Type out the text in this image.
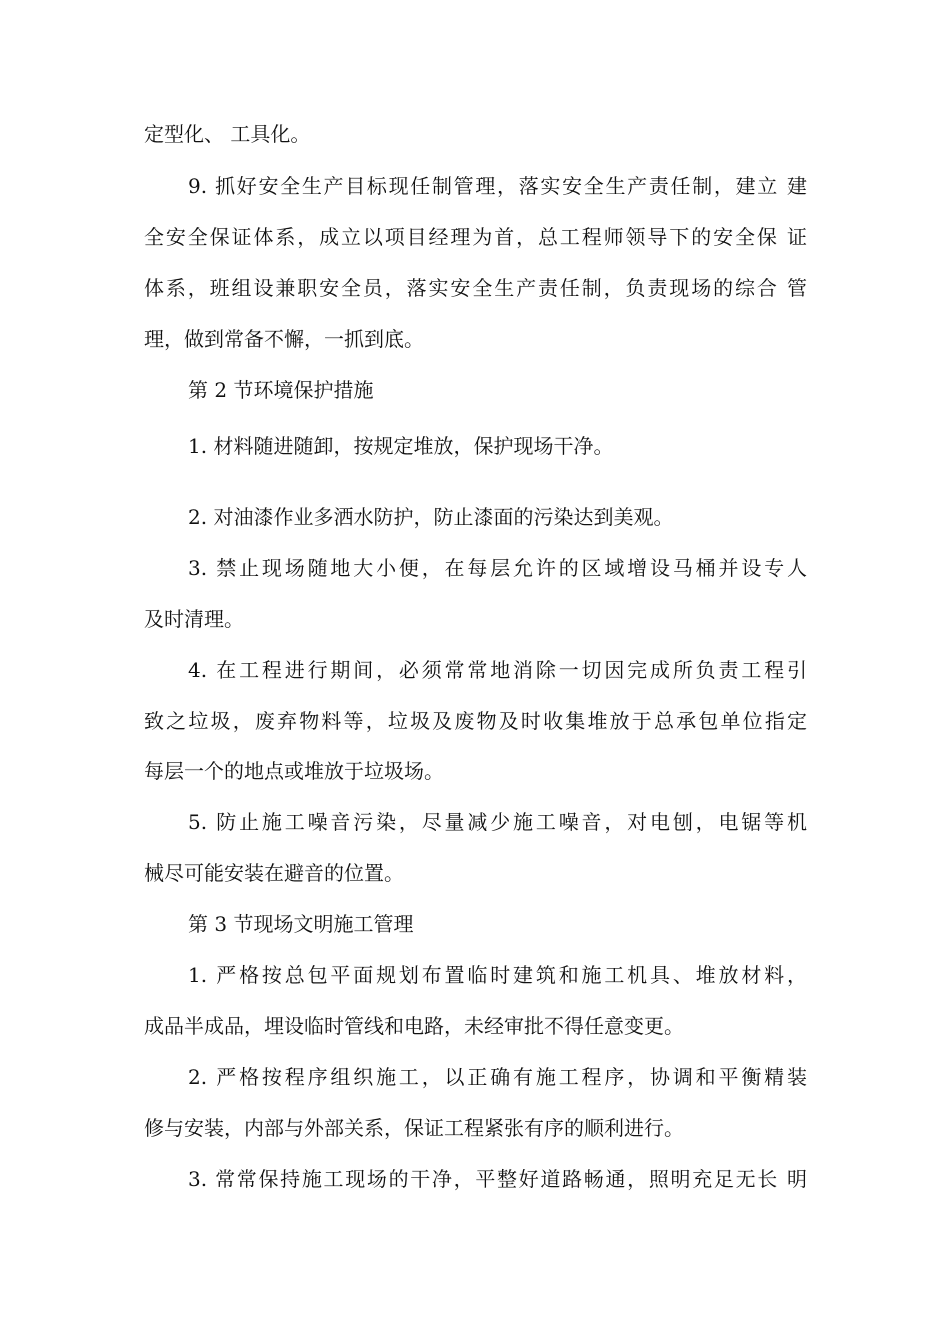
定型化、 工具化。

9. 抓好安全生产目标现任制管理，落实安全生产责任制，建立 建

全安全保证体系，成立以项目经理为首，总工程师领导下的安全保 证

体系，班组设兼职安全员，落实安全生产责任制，负责现场的综合 管

理，做到常备不懈，一抓到底。

第 2 节环境保护措施

1. 材料随进随卸，按规定堆放，保护现场干净。

2. 对油漆作业多洒水防护，防止漆面的污染达到美观。

3. 禁止现场随地大小便，在每层允许的区域增设马桶并设专人

及时清理。

4. 在工程进行期间，必须常常地消除一切因完成所负责工程引

致之垃圾，废弃物料等，垃圾及废物及时收集堆放于总承包单位指定

每层一个的地点或堆放于垃圾场。

5. 防止施工噪音污染，尽量减少施工噪音，对电刨，电锯等机

械尽可能安装在避音的位置。

第 3 节现场文明施工管理

1. 严格按总包平面规划布置临时建筑和施工机具、堆放材料，

成品半成品，埋设临时管线和电路，未经审批不得任意变更。

2. 严格按程序组织施工，以正确有施工程序，协调和平衡精装

修与安装，内部与外部关系，保证工程紧张有序的顺利进行。

3. 常常保持施工现场的干净，平整好道路畅通，照明充足无长 明
